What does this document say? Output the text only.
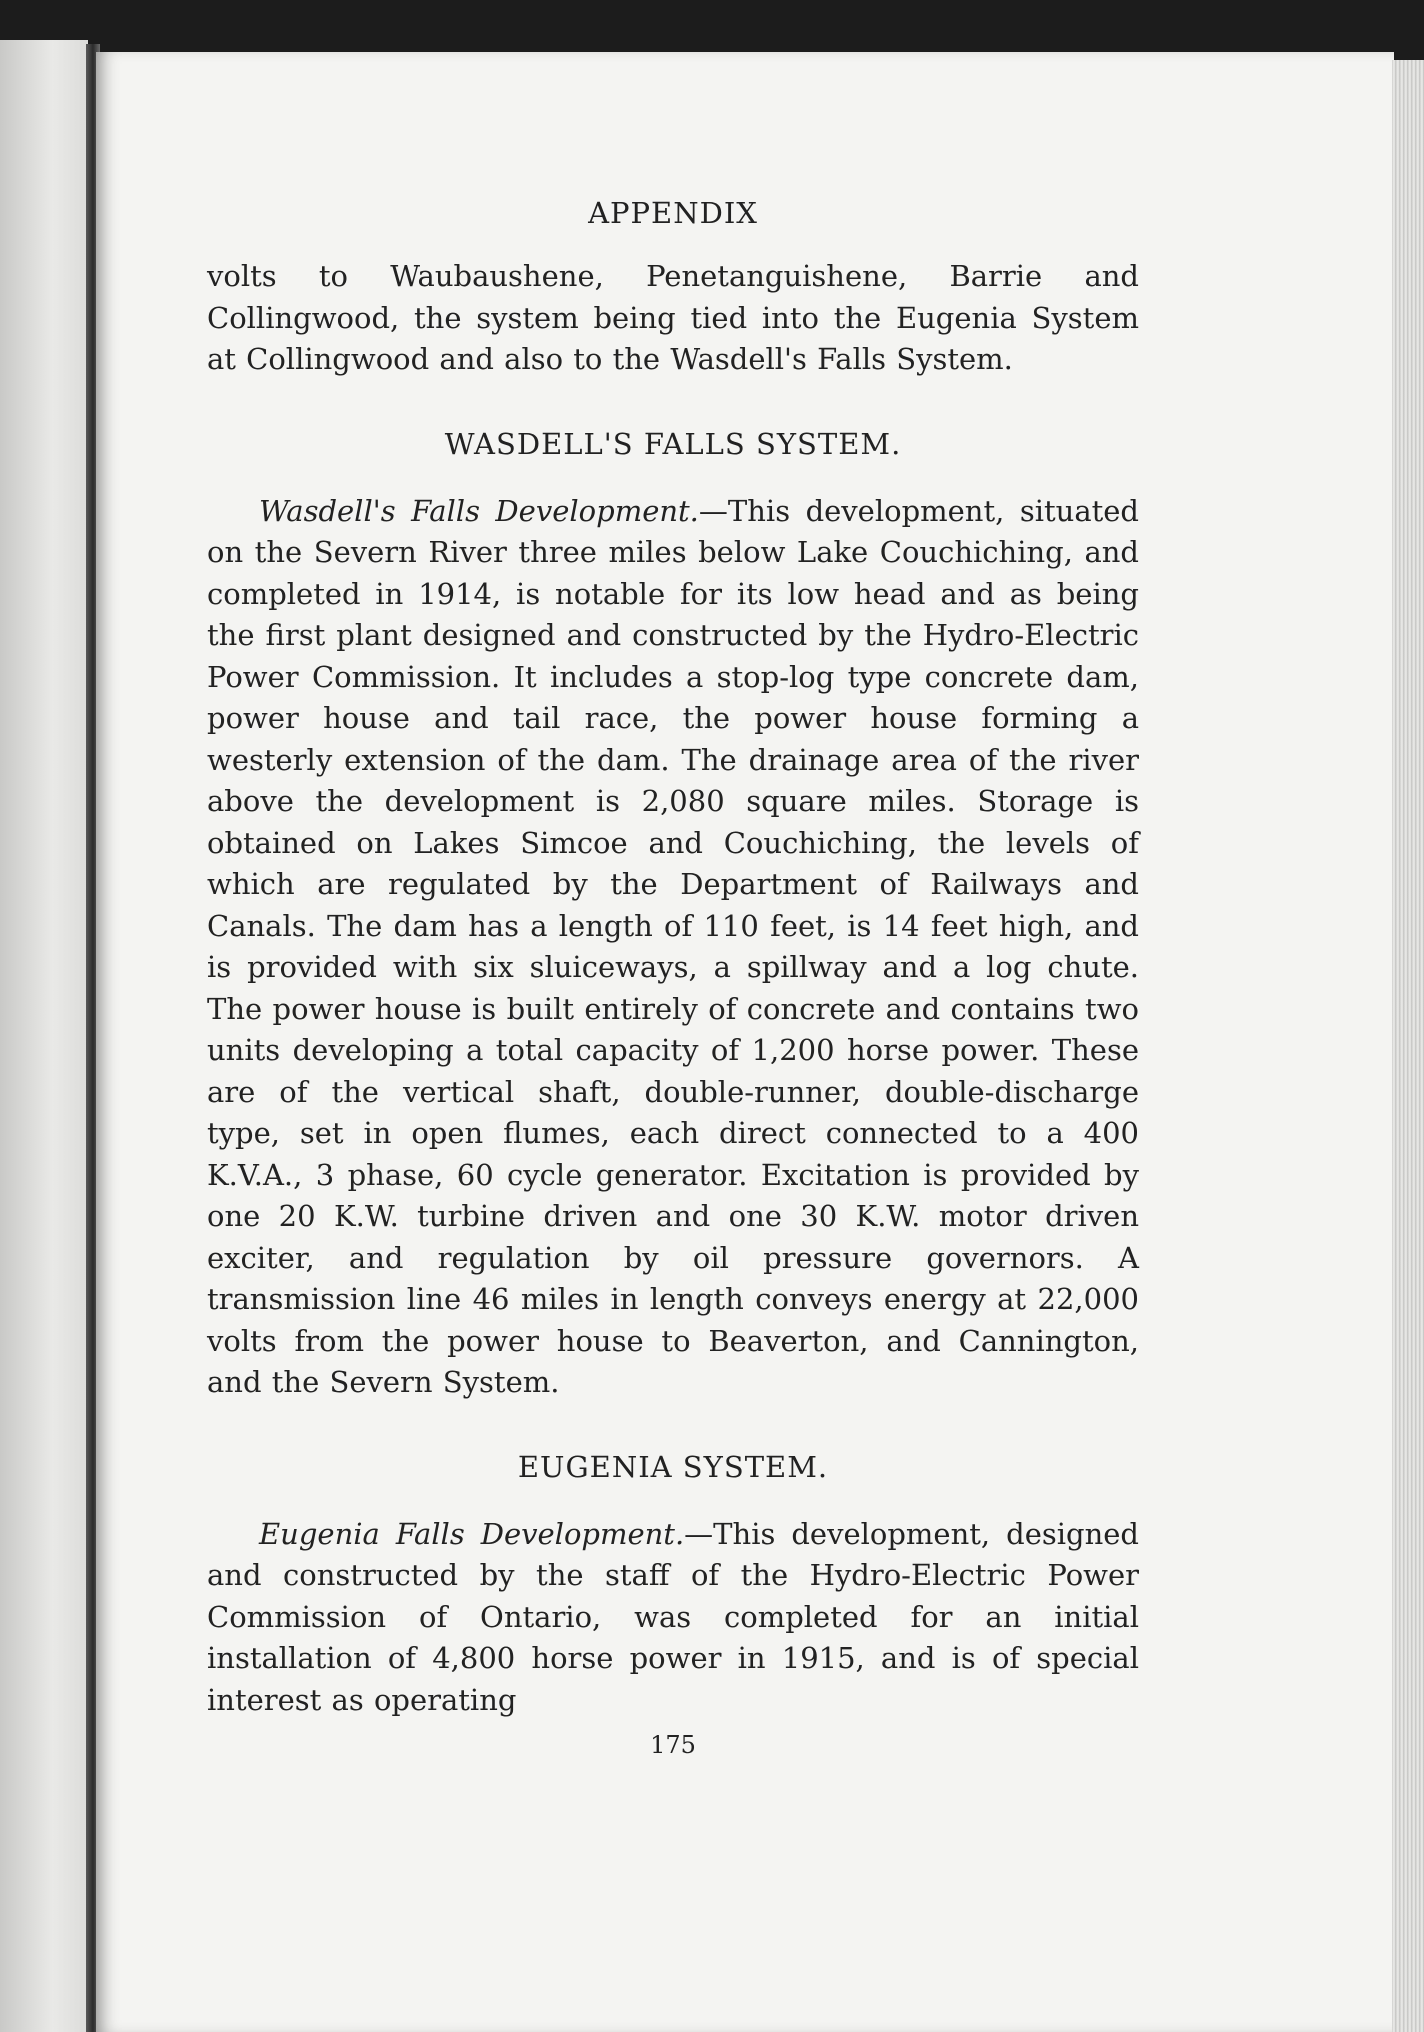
APPENDIX

volts to Waubaushene, Penetanguishene, Barrie and Collingwood, the system being tied into the Eugenia System at Collingwood and also to the Wasdell's Falls System.

WASDELL'S FALLS SYSTEM.

Wasdell's Falls Development.—This development, situated on the Severn River three miles below Lake Couchiching, and completed in 1914, is notable for its low head and as being the first plant designed and constructed by the Hydro-Electric Power Commission. It includes a stop-log type concrete dam, power house and tail race, the power house forming a westerly extension of the dam. The drainage area of the river above the development is 2,080 square miles. Storage is obtained on Lakes Simcoe and Couchiching, the levels of which are regulated by the Department of Railways and Canals. The dam has a length of 110 feet, is 14 feet high, and is provided with six sluiceways, a spillway and a log chute. The power house is built entirely of concrete and contains two units developing a total capacity of 1,200 horse power. These are of the vertical shaft, double-runner, double-discharge type, set in open flumes, each direct connected to a 400 K.V.A., 3 phase, 60 cycle generator. Excitation is provided by one 20 K.W. turbine driven and one 30 K.W. motor driven exciter, and regulation by oil pressure governors. A transmission line 46 miles in length conveys energy at 22,000 volts from the power house to Beaverton, and Cannington, and the Severn System.

EUGENIA SYSTEM.

Eugenia Falls Development.—This development, designed and constructed by the staff of the Hydro-Electric Power Commission of Ontario, was completed for an initial installation of 4,800 horse power in 1915, and is of special interest as operating

175
